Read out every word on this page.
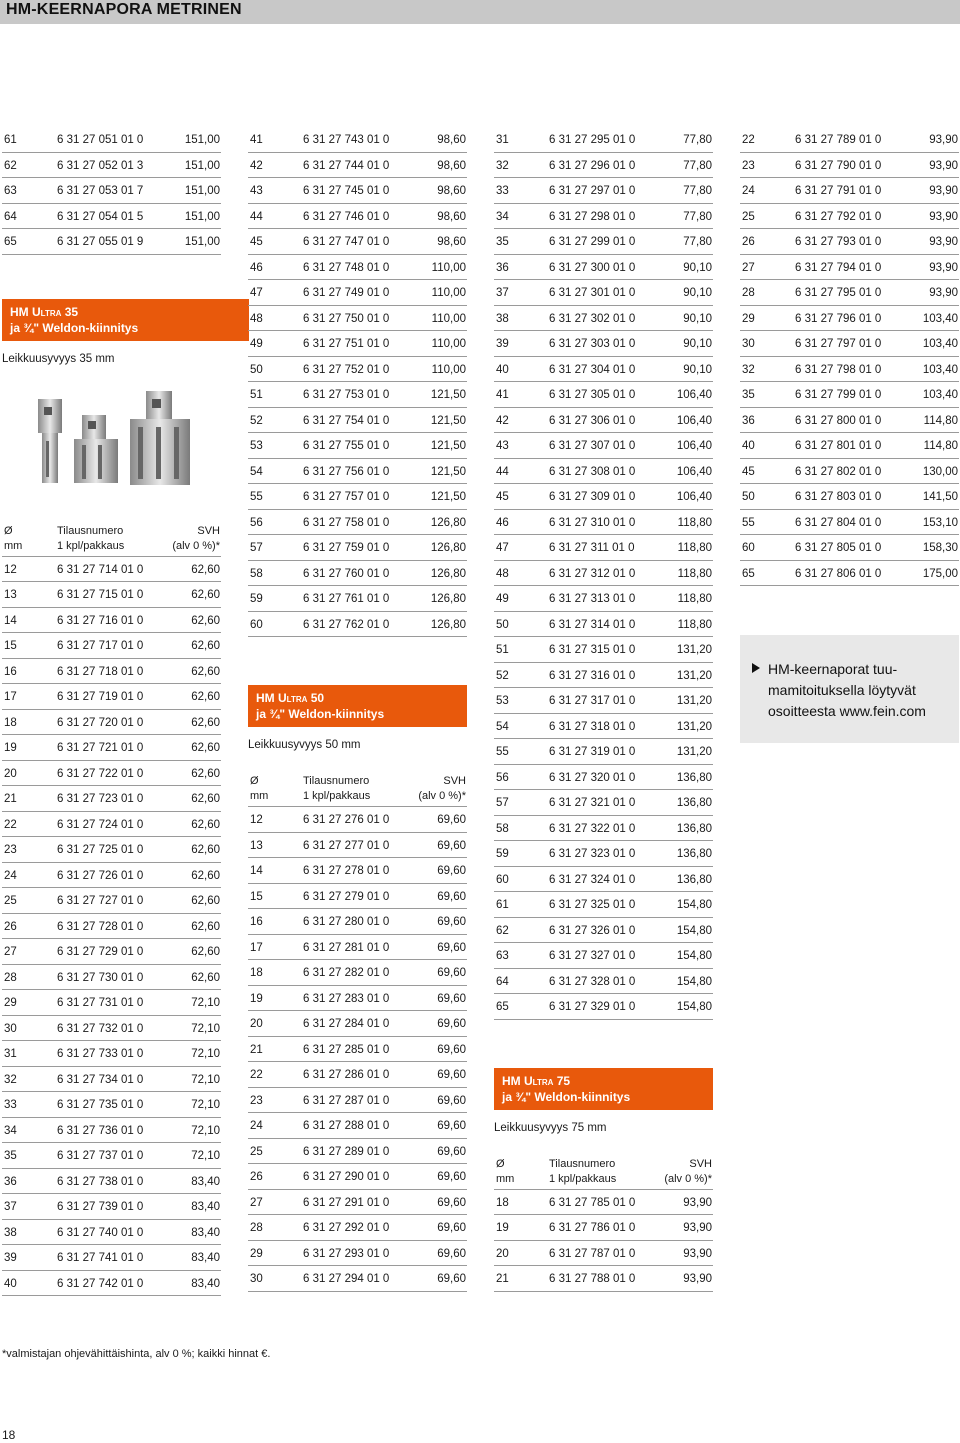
HM-KEERNAPORA METRINEN
61	6 31 27 051 01 0	151,00
62	6 31 27 052 01 3	151,00
63	6 31 27 053 01 7	151,00
64	6 31 27 054 01 5	151,00
65	6 31 27 055 01 9	151,00
HM Ultra 35
ja ¾" Weldon-kiinnitys

Leikkuusyvyys 35 mm

Ø
mm
Tilausnumero
1 kpl/pakkaus
SVH
(alv 0 %)*
12	6 31 27 714 01 0	62,60
13	6 31 27 715 01 0	62,60
14	6 31 27 716 01 0	62,60
15	6 31 27 717 01 0	62,60
16	6 31 27 718 01 0	62,60
17	6 31 27 719 01 0	62,60
18	6 31 27 720 01 0	62,60
19	6 31 27 721 01 0	62,60
20	6 31 27 722 01 0	62,60
21	6 31 27 723 01 0	62,60
22	6 31 27 724 01 0	62,60
23	6 31 27 725 01 0	62,60
24	6 31 27 726 01 0	62,60
25	6 31 27 727 01 0	62,60
26	6 31 27 728 01 0	62,60
27	6 31 27 729 01 0	62,60
28	6 31 27 730 01 0	62,60
29	6 31 27 731 01 0	72,10
30	6 31 27 732 01 0	72,10
31	6 31 27 733 01 0	72,10
32	6 31 27 734 01 0	72,10
33	6 31 27 735 01 0	72,10
34	6 31 27 736 01 0	72,10
35	6 31 27 737 01 0	72,10
36	6 31 27 738 01 0	83,40
37	6 31 27 739 01 0	83,40
38	6 31 27 740 01 0	83,40
39	6 31 27 741 01 0	83,40
40	6 31 27 742 01 0	83,40
41	6 31 27 743 01 0	98,60
42	6 31 27 744 01 0	98,60
43	6 31 27 745 01 0	98,60
44	6 31 27 746 01 0	98,60
45	6 31 27 747 01 0	98,60
46	6 31 27 748 01 0	110,00
47	6 31 27 749 01 0	110,00
48	6 31 27 750 01 0	110,00
49	6 31 27 751 01 0	110,00
50	6 31 27 752 01 0	110,00
51	6 31 27 753 01 0	121,50
52	6 31 27 754 01 0	121,50
53	6 31 27 755 01 0	121,50
54	6 31 27 756 01 0	121,50
55	6 31 27 757 01 0	121,50
56	6 31 27 758 01 0	126,80
57	6 31 27 759 01 0	126,80
58	6 31 27 760 01 0	126,80
59	6 31 27 761 01 0	126,80
60	6 31 27 762 01 0	126,80
HM Ultra 50
ja ¾" Weldon-kiinnitys

Leikkuusyvyys 50 mm

Ø
mm
Tilausnumero
1 kpl/pakkaus
SVH
(alv 0 %)*
12	6 31 27 276 01 0	69,60
13	6 31 27 277 01 0	69,60
14	6 31 27 278 01 0	69,60
15	6 31 27 279 01 0	69,60
16	6 31 27 280 01 0	69,60
17	6 31 27 281 01 0	69,60
18	6 31 27 282 01 0	69,60
19	6 31 27 283 01 0	69,60
20	6 31 27 284 01 0	69,60
21	6 31 27 285 01 0	69,60
22	6 31 27 286 01 0	69,60
23	6 31 27 287 01 0	69,60
24	6 31 27 288 01 0	69,60
25	6 31 27 289 01 0	69,60
26	6 31 27 290 01 0	69,60
27	6 31 27 291 01 0	69,60
28	6 31 27 292 01 0	69,60
29	6 31 27 293 01 0	69,60
30	6 31 27 294 01 0	69,60
31	6 31 27 295 01 0	77,80
32	6 31 27 296 01 0	77,80
33	6 31 27 297 01 0	77,80
34	6 31 27 298 01 0	77,80
35	6 31 27 299 01 0	77,80
36	6 31 27 300 01 0	90,10
37	6 31 27 301 01 0	90,10
38	6 31 27 302 01 0	90,10
39	6 31 27 303 01 0	90,10
40	6 31 27 304 01 0	90,10
41	6 31 27 305 01 0	106,40
42	6 31 27 306 01 0	106,40
43	6 31 27 307 01 0	106,40
44	6 31 27 308 01 0	106,40
45	6 31 27 309 01 0	106,40
46	6 31 27 310 01 0	118,80
47	6 31 27 311 01 0	118,80
48	6 31 27 312 01 0	118,80
49	6 31 27 313 01 0	118,80
50	6 31 27 314 01 0	118,80
51	6 31 27 315 01 0	131,20
52	6 31 27 316 01 0	131,20
53	6 31 27 317 01 0	131,20
54	6 31 27 318 01 0	131,20
55	6 31 27 319 01 0	131,20
56	6 31 27 320 01 0	136,80
57	6 31 27 321 01 0	136,80
58	6 31 27 322 01 0	136,80
59	6 31 27 323 01 0	136,80
60	6 31 27 324 01 0	136,80
61	6 31 27 325 01 0	154,80
62	6 31 27 326 01 0	154,80
63	6 31 27 327 01 0	154,80
64	6 31 27 328 01 0	154,80
65	6 31 27 329 01 0	154,80
HM Ultra 75
ja ¾" Weldon-kiinnitys

Leikkuusyvyys 75 mm

Ø
mm
Tilausnumero
1 kpl/pakkaus
SVH
(alv 0 %)*
18	6 31 27 785 01 0	93,90
19	6 31 27 786 01 0	93,90
20	6 31 27 787 01 0	93,90
21	6 31 27 788 01 0	93,90
22	6 31 27 789 01 0	93,90
23	6 31 27 790 01 0	93,90
24	6 31 27 791 01 0	93,90
25	6 31 27 792 01 0	93,90
26	6 31 27 793 01 0	93,90
27	6 31 27 794 01 0	93,90
28	6 31 27 795 01 0	93,90
29	6 31 27 796 01 0	103,40
30	6 31 27 797 01 0	103,40
32	6 31 27 798 01 0	103,40
35	6 31 27 799 01 0	103,40
36	6 31 27 800 01 0	114,80
40	6 31 27 801 01 0	114,80
45	6 31 27 802 01 0	130,00
50	6 31 27 803 01 0	141,50
55	6 31 27 804 01 0	153,10
60	6 31 27 805 01 0	158,30
65	6 31 27 806 01 0	175,00
HM-keernaporat tuumamitoituksella löytyvät osoitteesta www.fein.com
*valmistajan ohjevähittäishinta, alv 0 %; kaikki hinnat €.
18
